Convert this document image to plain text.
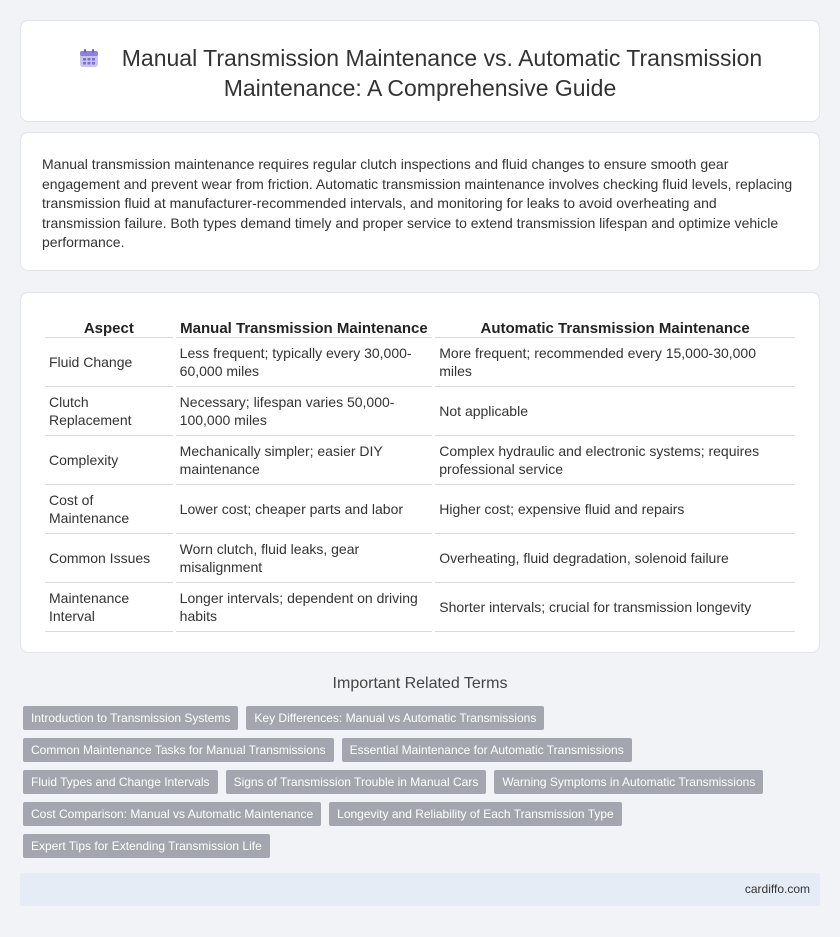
Manual Transmission Maintenance vs. Automatic Transmission Maintenance: A Comprehensive Guide

Manual transmission maintenance requires regular clutch inspections and fluid changes to ensure smooth gear engagement and prevent wear from friction. Automatic transmission maintenance involves checking fluid levels, replacing transmission fluid at manufacturer-recommended intervals, and monitoring for leaks to avoid overheating and transmission failure. Both types demand timely and proper service to extend transmission lifespan and optimize vehicle performance.

Aspect	Manual Transmission Maintenance	Automatic Transmission Maintenance
Fluid Change	Less frequent; typically every 30,000-60,000 miles	More frequent; recommended every 15,000-30,000 miles
Clutch Replacement	Necessary; lifespan varies 50,000-100,000 miles	Not applicable
Complexity	Mechanically simpler; easier DIY maintenance	Complex hydraulic and electronic systems; requires professional service
Cost of Maintenance	Lower cost; cheaper parts and labor	Higher cost; expensive fluid and repairs
Common Issues	Worn clutch, fluid leaks, gear misalignment	Overheating, fluid degradation, solenoid failure
Maintenance Interval	Longer intervals; dependent on driving habits	Shorter intervals; crucial for transmission longevity
Important Related Terms
Introduction to Transmission Systems	Key Differences: Manual vs Automatic Transmissions
Common Maintenance Tasks for Manual Transmissions	Essential Maintenance for Automatic Transmissions
Fluid Types and Change Intervals	Signs of Transmission Trouble in Manual Cars	Warning Symptoms in Automatic Transmissions
Cost Comparison: Manual vs Automatic Maintenance	Longevity and Reliability of Each Transmission Type
Expert Tips for Extending Transmission Life
cardiffo.com
